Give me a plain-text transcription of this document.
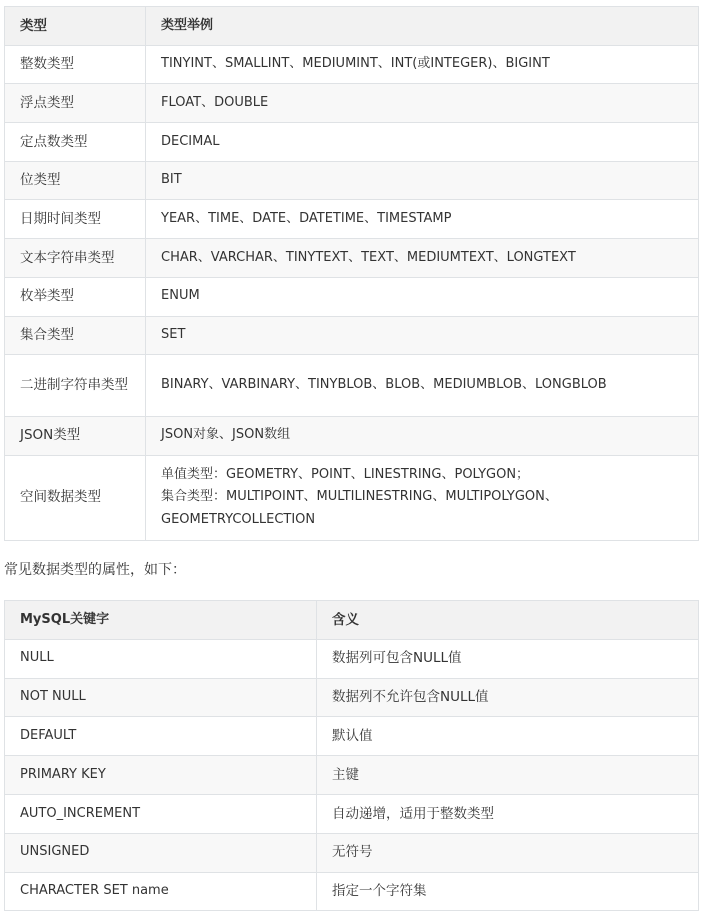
类型	类型举例
整数类型	TINYINT、SMALLINT、MEDIUMINT、INT(或INTEGER)、BIGINT

浮点类型	FLOAT、DOUBLE

定点数类型	DECIMAL

位类型	BIT

日期时间类型	YEAR、TIME、DATE、DATETIME、TIMESTAMP

文本字符串类型	CHAR、VARCHAR、TINYTEXT、TEXT、MEDIUMTEXT、LONGTEXT

枚举类型	ENUM

集合类型	SET

二进制字符串类型	BINARY、VARBINARY、TINYBLOB、BLOB、MEDIUMBLOB、LONGBLOB

JSON类型	JSON对象、JSON数组

空间数据类型	单值类型：GEOMETRY、POINT、LINESTRING、POLYGON；
集合类型：MULTIPOINT、MULTILINESTRING、MULTIPOLYGON、GEOMETRYCOLLECTION

常见数据类型的属性，如下：

MySQL关键字	含义
NULL	数据列可包含NULL值
NOT NULL	数据列不允许包含NULL值
DEFAULT	默认值
PRIMARY KEY	主键
AUTO_INCREMENT	自动递增，适用于整数类型
UNSIGNED	无符号
CHARACTER SET name	指定一个字符集
